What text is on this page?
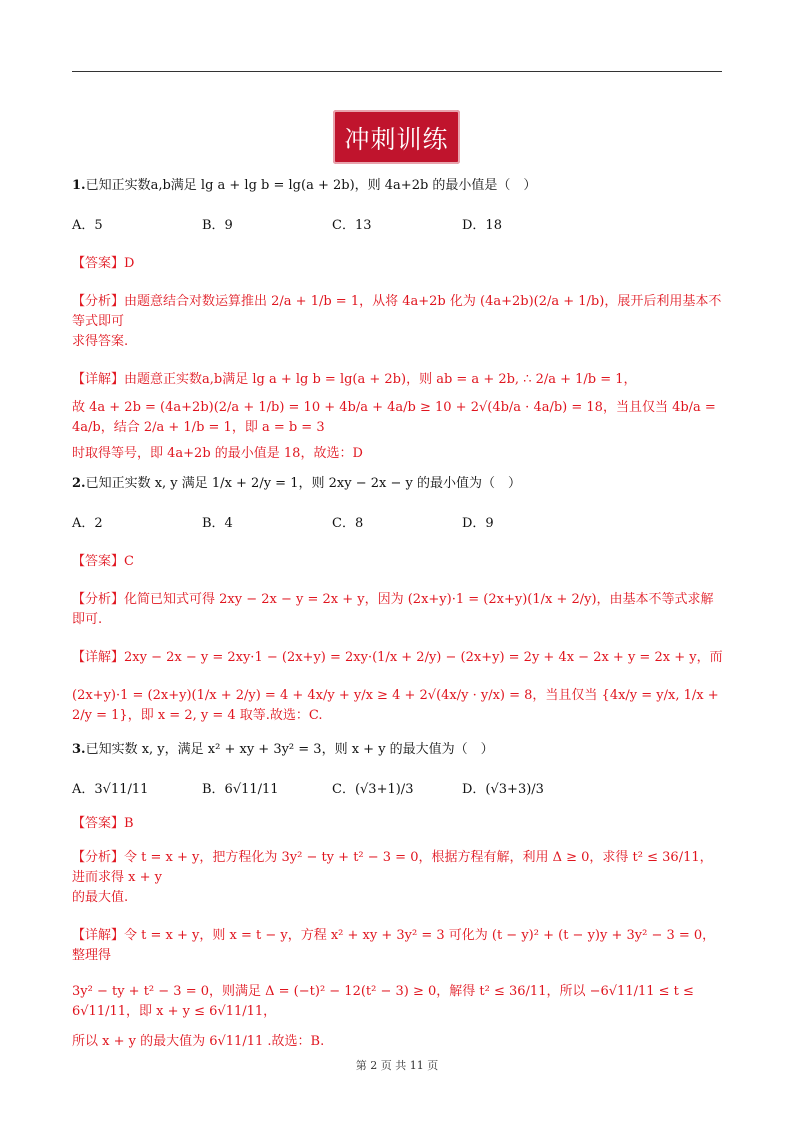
冲刺训练

1.已知正实数a,b满足 lg a + lg b = lg(a + 2b)，则 4a+2b 的最小值是（　）

A．5	B．9	C．13	D．18

【答案】D

【分析】由题意结合对数运算推出 2/a + 1/b = 1，从将 4a+2b 化为 (4a+2b)(2/a + 1/b)，展开后利用基本不等式即可
求得答案.

【详解】由题意正实数a,b满足 lg a + lg b = lg(a + 2b)，则 ab = a + 2b, ∴ 2/a + 1/b = 1，
故 4a + 2b = (4a+2b)(2/a + 1/b) = 10 + 4b/a + 4a/b ≥ 10 + 2√(4b/a · 4a/b) = 18，当且仅当 4b/a = 4a/b，结合 2/a + 1/b = 1，即 a = b = 3
时取得等号，即 4a+2b 的最小值是 18，故选：D

2.已知正实数 x, y 满足 1/x + 2/y = 1，则 2xy − 2x − y 的最小值为（　）

A．2	B．4	C．8	D．9

【答案】C

【分析】化简已知式可得 2xy − 2x − y = 2x + y，因为 (2x+y)·1 = (2x+y)(1/x + 2/y)，由基本不等式求解即可.

【详解】2xy − 2x − y = 2xy·1 − (2x+y) = 2xy·(1/x + 2/y) − (2x+y) = 2y + 4x − 2x + y = 2x + y，而
(2x+y)·1 = (2x+y)(1/x + 2/y) = 4 + 4x/y + y/x ≥ 4 + 2√(4x/y · y/x) = 8，当且仅当 {4x/y = y/x, 1/x + 2/y = 1}，即 x = 2, y = 4 取等.故选：C.

3.已知实数 x, y，满足 x² + xy + 3y² = 3，则 x + y 的最大值为（　）

A．3√11/11	B．6√11/11	C．(√3+1)/3	D．(√3+3)/3

【答案】B

【分析】令 t = x + y，把方程化为 3y² − ty + t² − 3 = 0，根据方程有解，利用 Δ ≥ 0，求得 t² ≤ 36/11，进而求得 x + y
的最大值.

【详解】令 t = x + y，则 x = t − y，方程 x² + xy + 3y² = 3 可化为 (t − y)² + (t − y)y + 3y² − 3 = 0，整理得
3y² − ty + t² − 3 = 0，则满足 Δ = (−t)² − 12(t² − 3) ≥ 0，解得 t² ≤ 36/11，所以 −6√11/11 ≤ t ≤ 6√11/11，即 x + y ≤ 6√11/11，
所以 x + y 的最大值为 6√11/11 .故选：B.

第 2 页 共 11 页
